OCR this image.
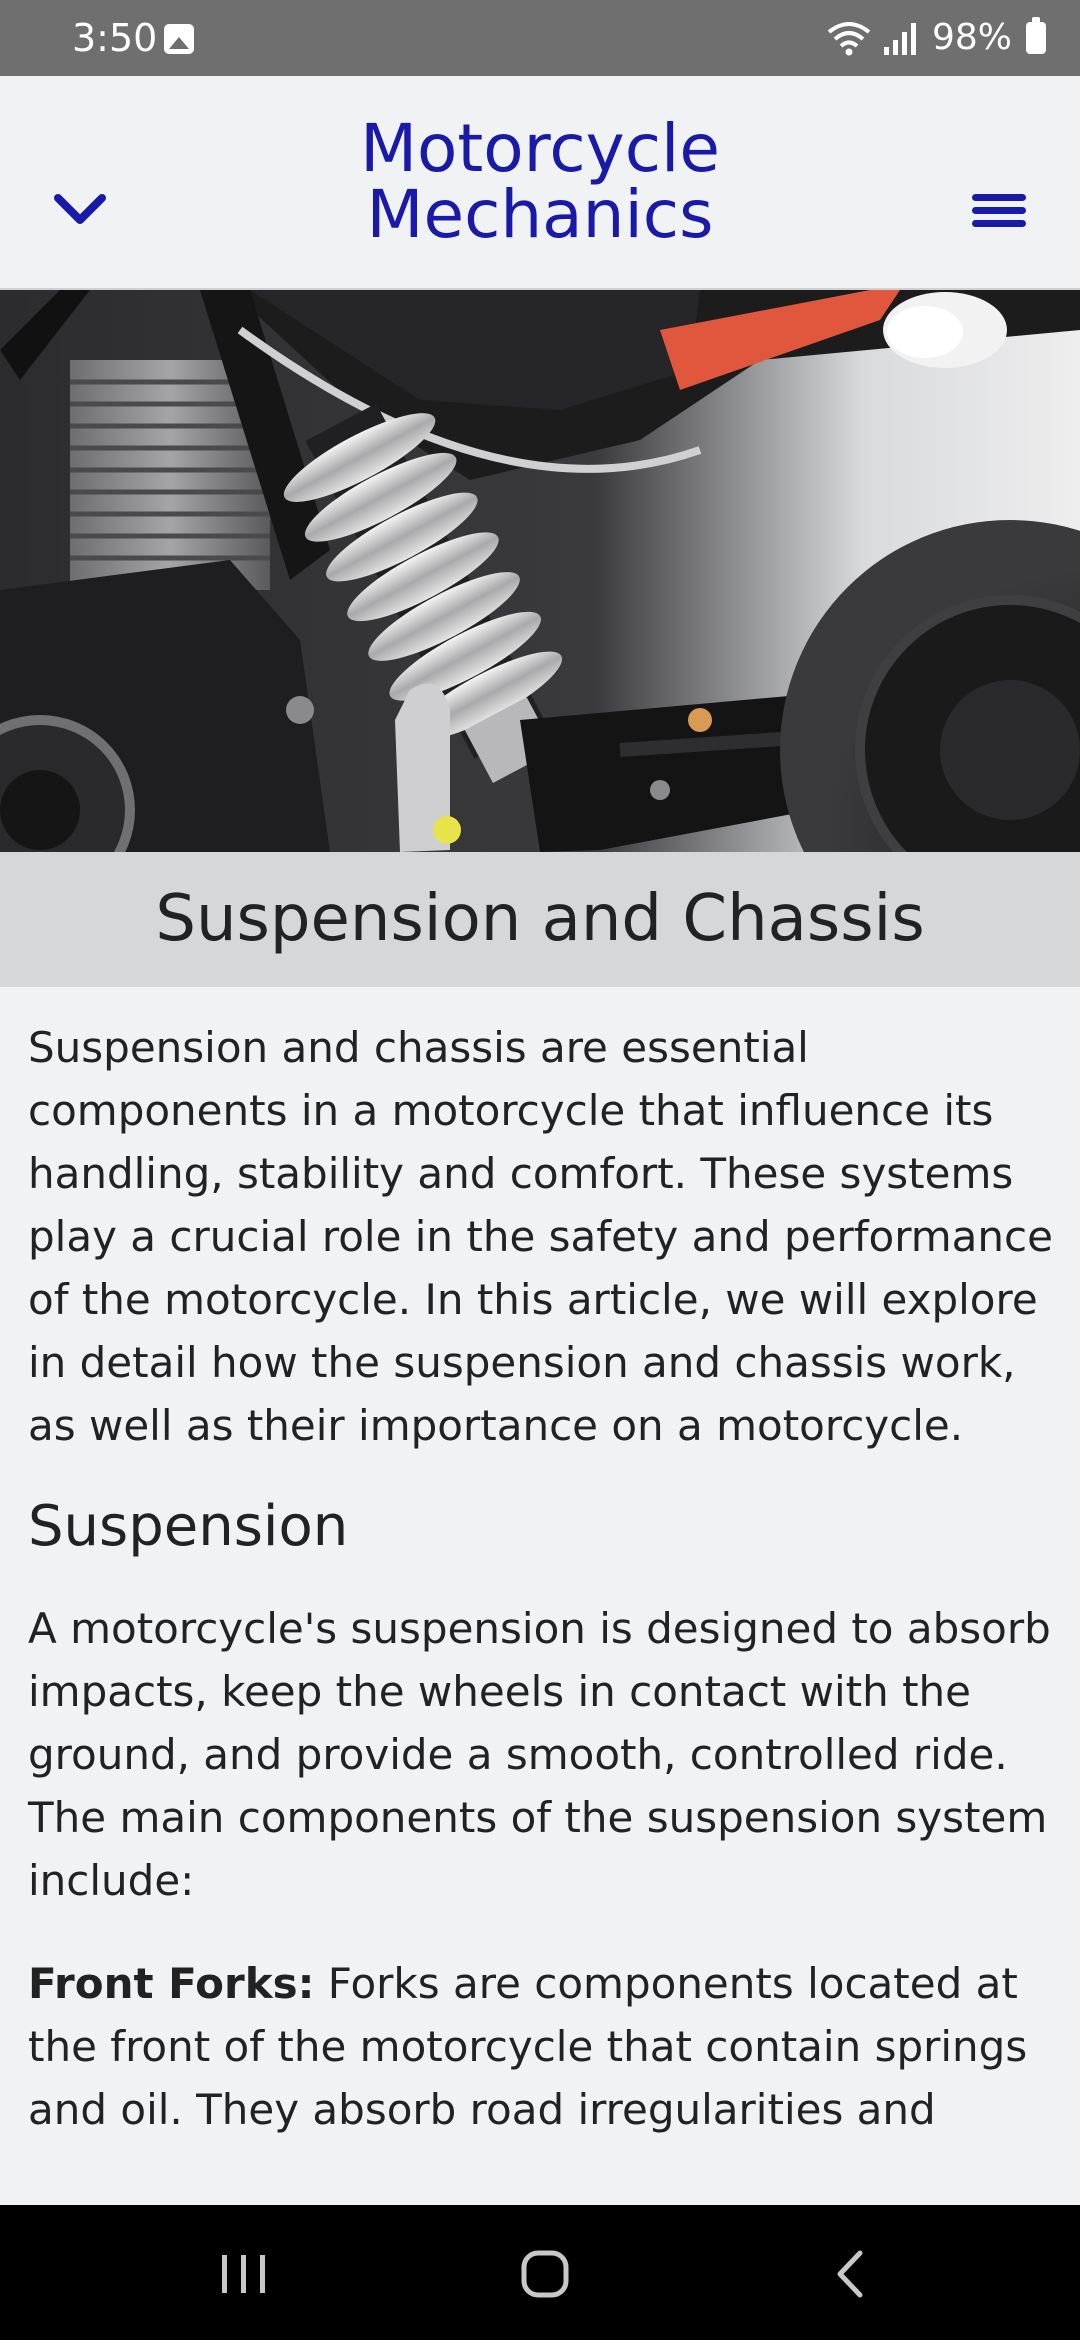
3:50	98%
Motorcycle
Mechanics
Suspension and Chassis

Suspension and chassis are essential components in a motorcycle that influence its handling, stability and comfort. These systems play a crucial role in the safety and performance of the motorcycle. In this article, we will explore in detail how the suspension and chassis work, as well as their importance on a motorcycle.

Suspension

A motorcycle's suspension is designed to absorb impacts, keep the wheels in contact with the ground, and provide a smooth, controlled ride. The main components of the suspension system include:

Front Forks: Forks are components located at the front of the motorcycle that contain springs and oil. They absorb road irregularities and
